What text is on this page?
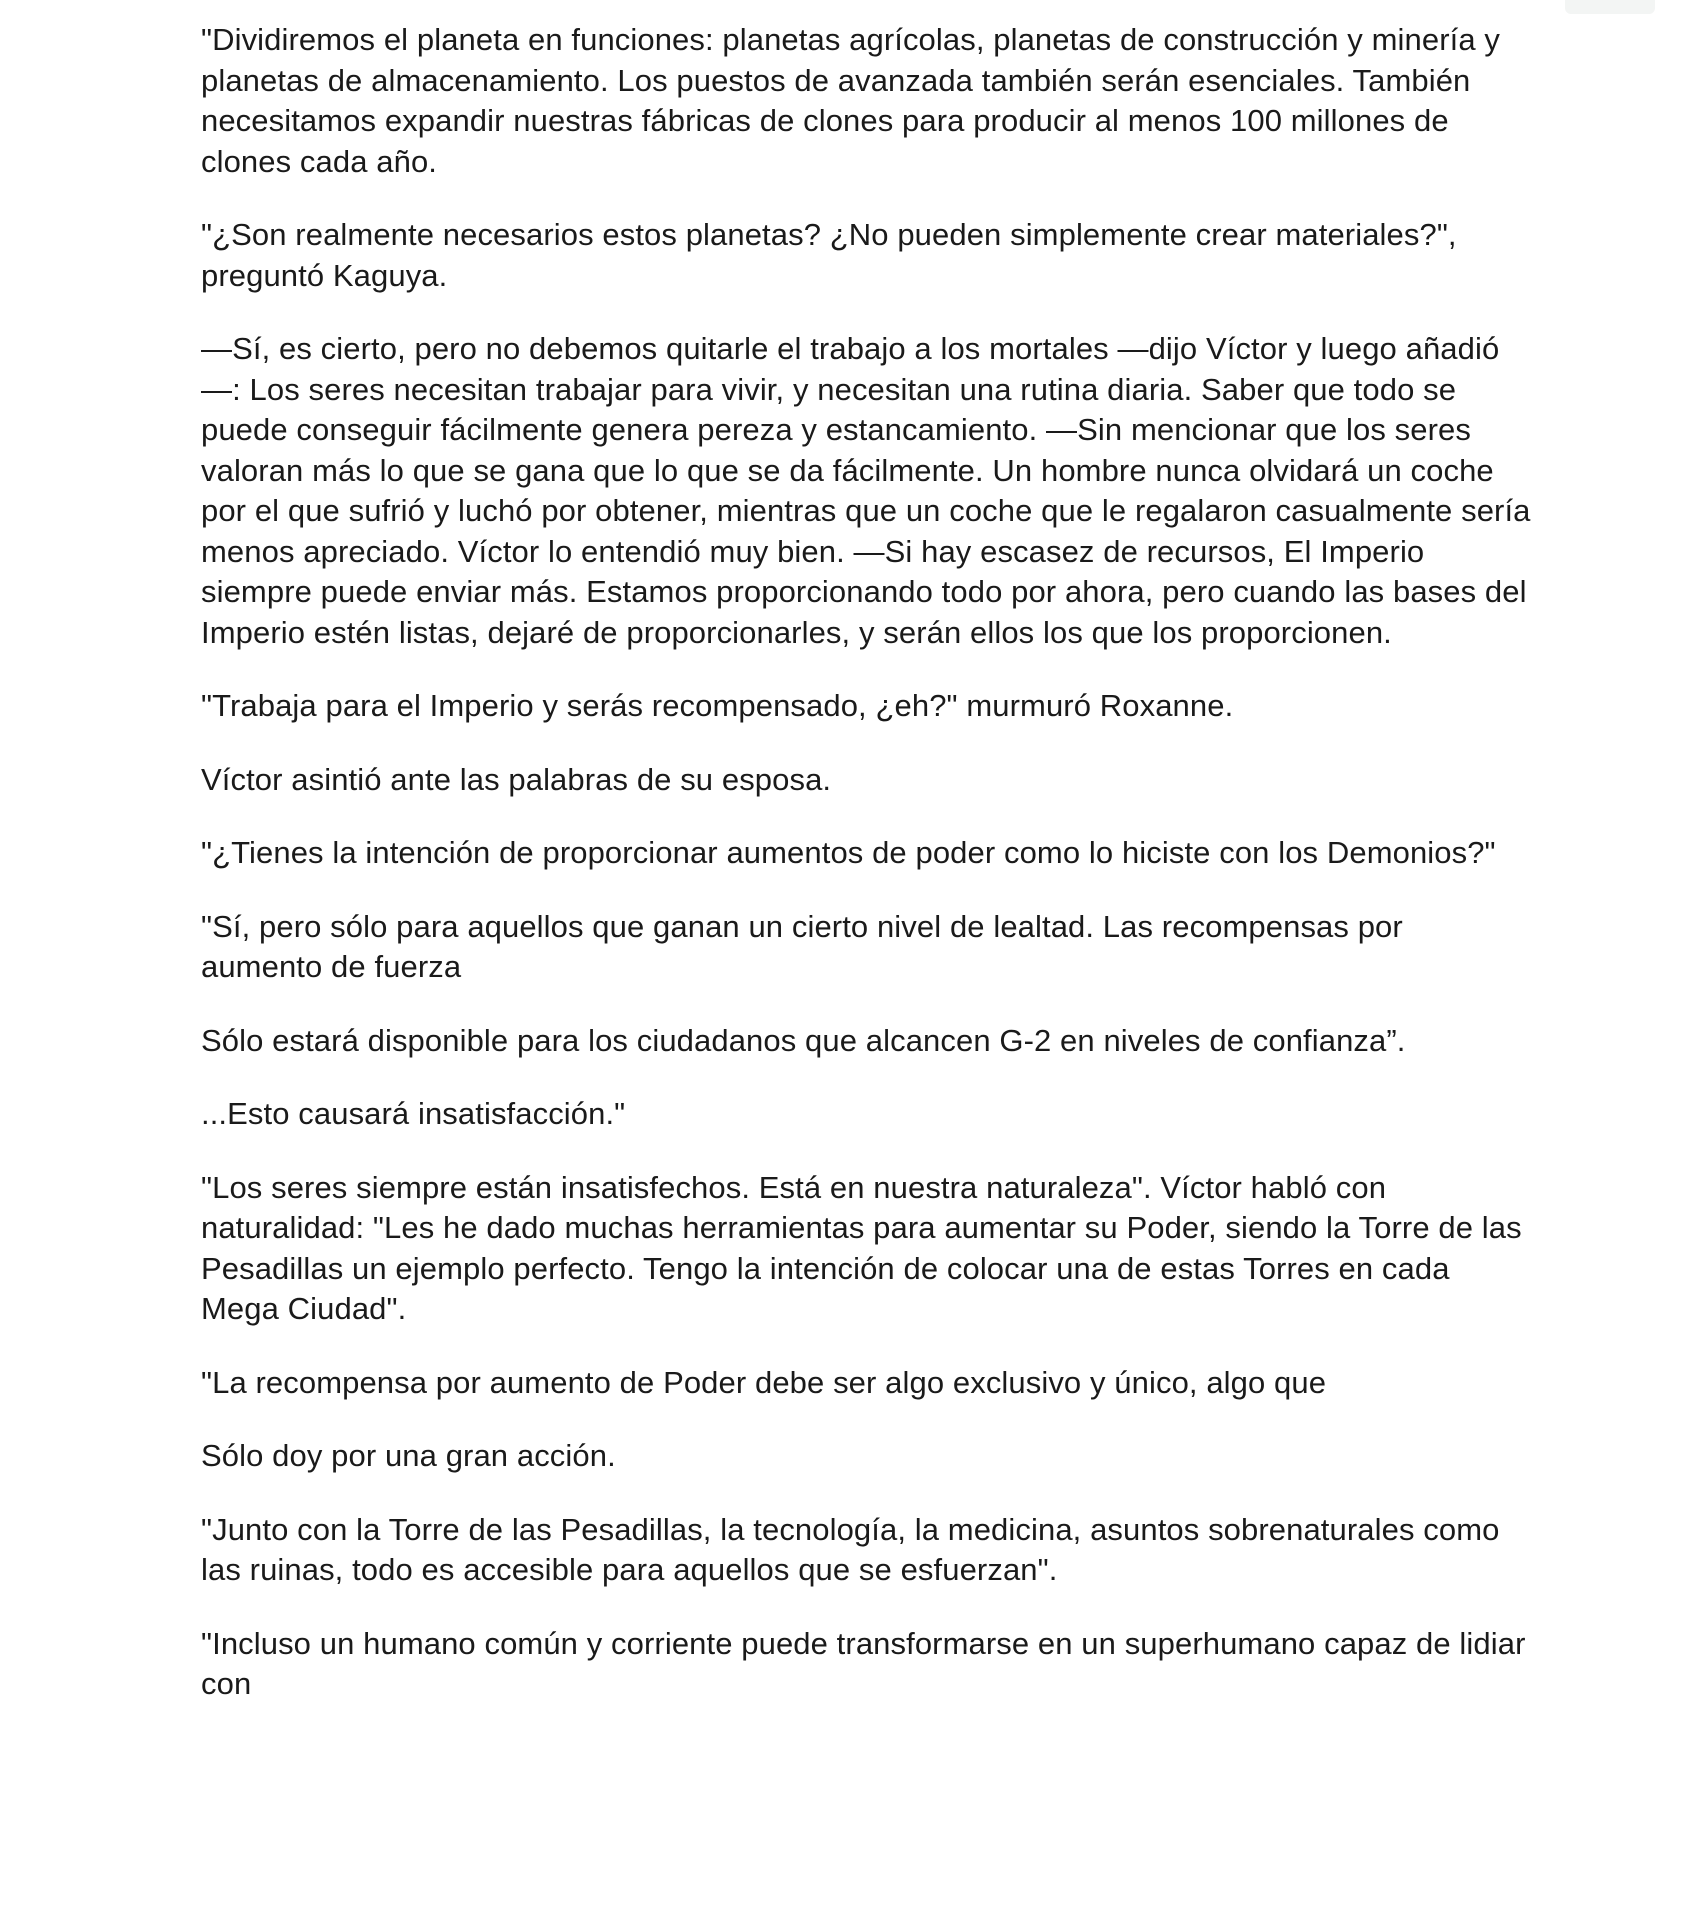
"Dividiremos el planeta en funciones: planetas agrícolas, planetas de construcción y minería y planetas de almacenamiento. Los puestos de avanzada también serán esenciales. También necesitamos expandir nuestras fábricas de clones para producir al menos 100 millones de clones cada año.

"¿Son realmente necesarios estos planetas? ¿No pueden simplemente crear materiales?", preguntó Kaguya.

—Sí, es cierto, pero no debemos quitarle el trabajo a los mortales —dijo Víctor y luego añadió—: Los seres necesitan trabajar para vivir, y necesitan una rutina diaria. Saber que todo se puede conseguir fácilmente genera pereza y estancamiento. —Sin mencionar que los seres valoran más lo que se gana que lo que se da fácilmente. Un hombre nunca olvidará un coche por el que sufrió y luchó por obtener, mientras que un coche que le regalaron casualmente sería menos apreciado. Víctor lo entendió muy bien. —Si hay escasez de recursos, El Imperio siempre puede enviar más. Estamos proporcionando todo por ahora, pero cuando las bases del Imperio estén listas, dejaré de proporcionarles, y serán ellos los que los proporcionen.

"Trabaja para el Imperio y serás recompensado, ¿eh?" murmuró Roxanne.

Víctor asintió ante las palabras de su esposa.

"¿Tienes la intención de proporcionar aumentos de poder como lo hiciste con los Demonios?"

"Sí, pero sólo para aquellos que ganan un cierto nivel de lealtad. Las recompensas por aumento de fuerza

Sólo estará disponible para los ciudadanos que alcancen G-2 en niveles de confianza”.

...Esto causará insatisfacción."

"Los seres siempre están insatisfechos. Está en nuestra naturaleza". Víctor habló con naturalidad: "Les he dado muchas herramientas para aumentar su Poder, siendo la Torre de las Pesadillas un ejemplo perfecto. Tengo la intención de colocar una de estas Torres en cada Mega Ciudad".

"La recompensa por aumento de Poder debe ser algo exclusivo y único, algo que

Sólo doy por una gran acción.

"Junto con la Torre de las Pesadillas, la tecnología, la medicina, asuntos sobrenaturales como las ruinas, todo es accesible para aquellos que se esfuerzan".

"Incluso un humano común y corriente puede transformarse en un superhumano capaz de lidiar con
